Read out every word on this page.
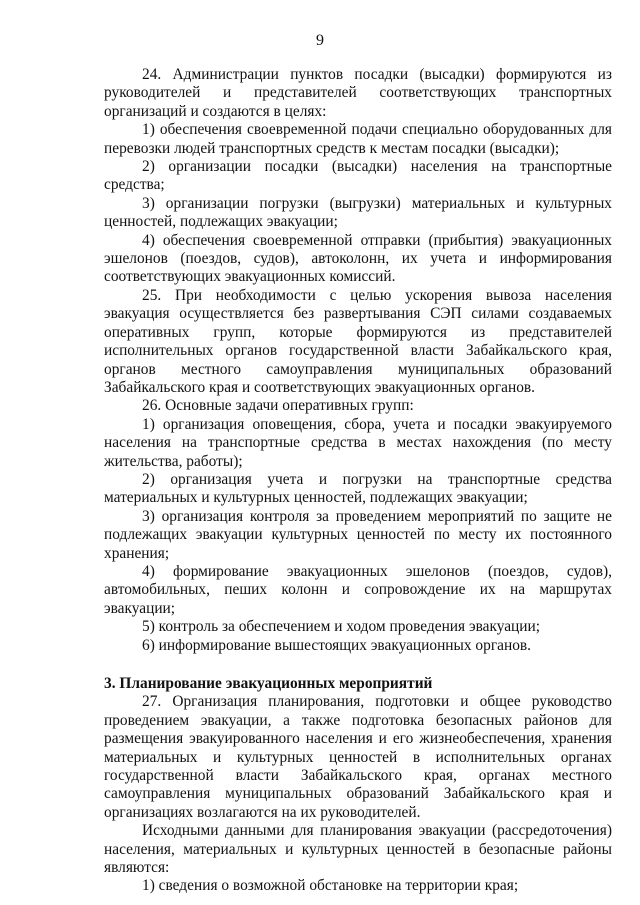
9

24. Администрации пунктов посадки (высадки) формируются из руководителей и представителей соответствующих транспортных организаций и создаются в целях:

1) обеспечения своевременной подачи специально оборудованных для перевозки людей транспортных средств к местам посадки (высадки);

2) организации посадки (высадки) населения на транспортные средства;

3) организации погрузки (выгрузки) материальных и культурных ценностей, подлежащих эвакуации;

4) обеспечения своевременной отправки (прибытия) эвакуационных эшелонов (поездов, судов), автоколонн, их учета и информирования соответствующих эвакуационных комиссий.

25. При необходимости с целью ускорения вывоза населения эвакуация осуществляется без развертывания СЭП силами создаваемых оперативных групп, которые формируются из представителей исполнительных органов государственной власти Забайкальского края, органов местного самоуправления муниципальных образований Забайкальского края и соответствующих эвакуационных органов.

26. Основные задачи оперативных групп:

1) организация оповещения, сбора, учета и посадки эвакуируемого населения на транспортные средства в местах нахождения (по месту жительства, работы);

2) организация учета и погрузки на транспортные средства материальных и культурных ценностей, подлежащих эвакуации;

3) организация контроля за проведением мероприятий по защите не подлежащих эвакуации культурных ценностей по месту их постоянного хранения;

4) формирование эвакуационных эшелонов (поездов, судов), автомобильных, пеших колонн и сопровождение их на маршрутах эвакуации;

5) контроль за обеспечением и ходом проведения эвакуации;

6) информирование вышестоящих эвакуационных органов.

3. Планирование эвакуационных мероприятий

27. Организация планирования, подготовки и общее руководство проведением эвакуации, а также подготовка безопасных районов для размещения эвакуированного населения и его жизнеобеспечения, хранения материальных и культурных ценностей в исполнительных органах государственной власти Забайкальского края, органах местного самоуправления муниципальных образований Забайкальского края и организациях возлагаются на их руководителей.

Исходными данными для планирования эвакуации (рассредоточения) населения, материальных и культурных ценностей в безопасные районы являются:

1) сведения о возможной обстановке на территории края;
